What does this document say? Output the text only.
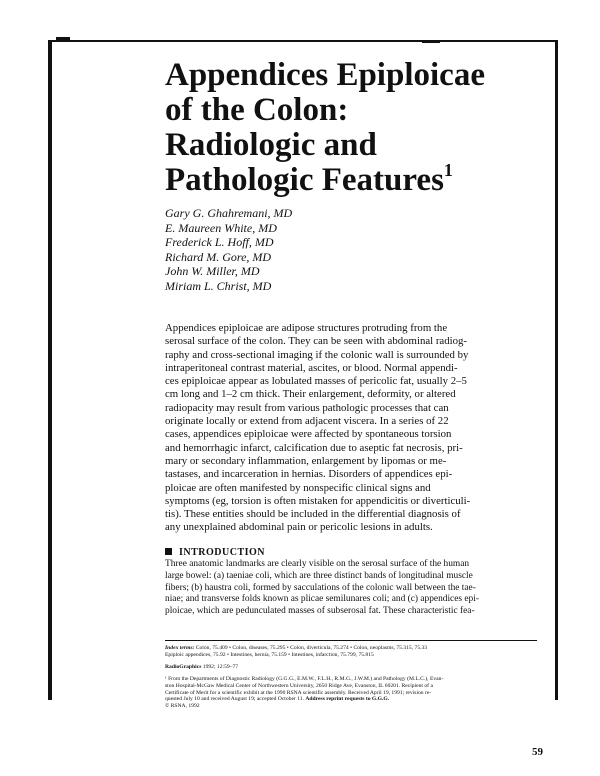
Appendices Epiploicae
of the Colon:
Radiologic and
Pathologic Features$^1$
Gary G. Ghahremani, MD
E. Maureen White, MD
Frederick L. Hoff, MD
Richard M. Gore, MD
John W. Miller, MD
Miriam L. Christ, MD

Appendices epiploicae are adipose structures protruding from the
serosal surface of the colon. They can be seen with abdominal radiog-
raphy and cross-sectional imaging if the colonic wall is surrounded by
intraperitoneal contrast material, ascites, or blood. Normal appendi-
ces epiploicae appear as lobulated masses of pericolic fat, usually 2–5
cm long and 1–2 cm thick. Their enlargement, deformity, or altered
radiopacity may result from various pathologic processes that can
originate locally or extend from adjacent viscera. In a series of 22
cases, appendices epiploicae were affected by spontaneous torsion
and hemorrhagic infarct, calcification due to aseptic fat necrosis, pri-
mary or secondary inflammation, enlargement by lipomas or me-
tastases, and incarceration in hernias. Disorders of appendices epi-
ploicae are often manifested by nonspecific clinical signs and
symptoms (eg, torsion is often mistaken for appendicitis or diverticuli-
tis). These entities should be included in the differential diagnosis of
any unexplained abdominal pain or pericolic lesions in adults.

INTRODUCTION

Three anatomic landmarks are clearly visible on the serosal surface of the human
large bowel: (a) taeniae coli, which are three distinct bands of longitudinal muscle
fibers; (b) haustra coli, formed by sacculations of the colonic wall between the tae-
niae; and transverse folds known as plicae semilunares coli; and (c) appendices epi-
ploicae, which are pedunculated masses of subserosal fat. These characteristic fea-

Index terms: Colon, 75.409 • Colon, diseases, 75.295 • Colon, diverticula, 75.274 • Colon, neoplasms, 75.315, 75.33
Epiploic appendices, 75.92 • Intestines, hernia, 75.159 • Intestines, infarction, 75.799, 75.815
RadioGraphics 1992; 12:59–77
¹ From the Departments of Diagnostic Radiology (G.G.G., E.M.W., F.L.H., R.M.G., J.W.M.) and Pathology (M.L.C.), Evan-
ston Hospital-McGaw Medical Center of Northwestern University, 2650 Ridge Ave, Evanston, IL 60201. Recipient of a
Certificate of Merit for a scientific exhibit at the 1990 RSNA scientific assembly. Received April 19, 1991; revision re-
quested July 10 and received August 19; accepted October 11. Address reprint requests to G.G.G.
© RSNA, 1992
59
